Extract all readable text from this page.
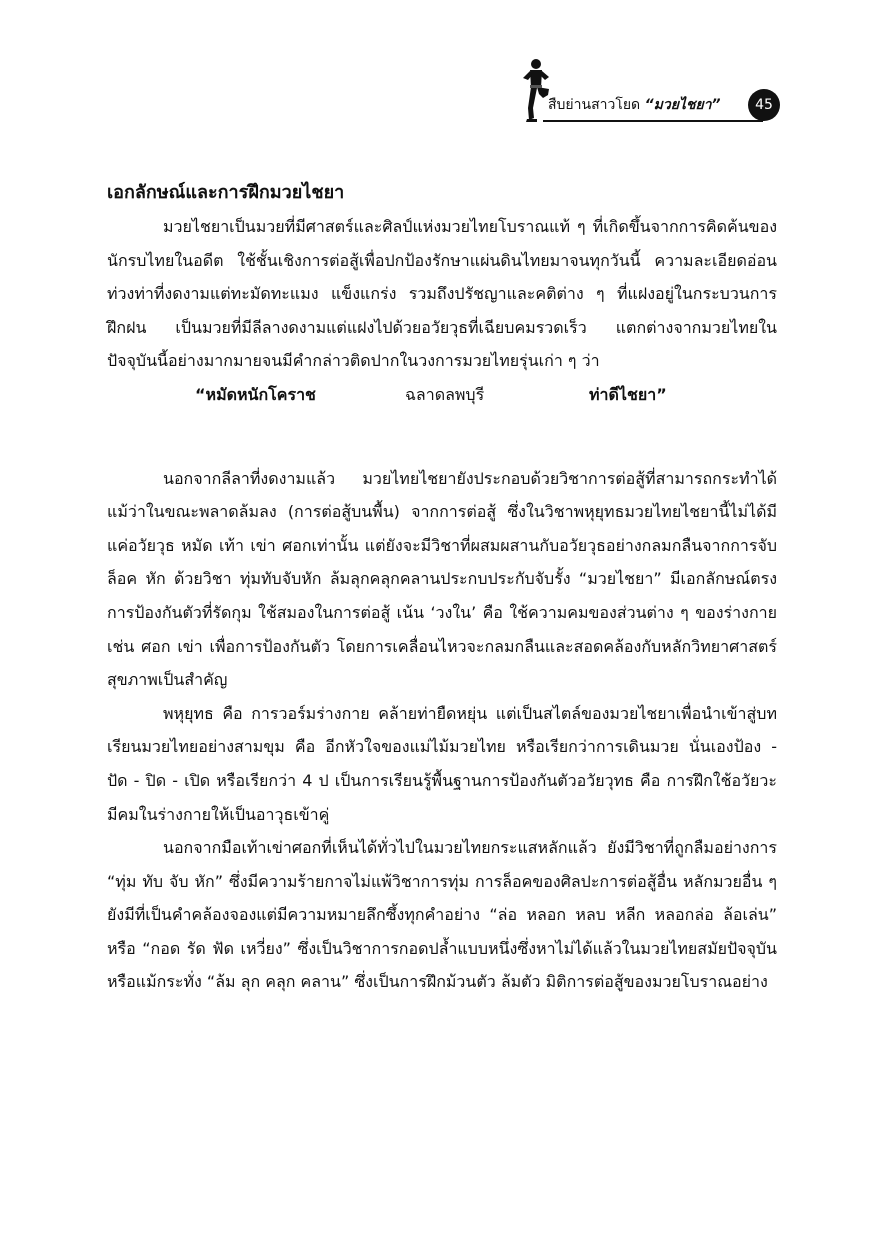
สืบย่านสาวโยด “มวยไชยา”	45

เอกลักษณ์และการฝึกมวยไชยา

มวยไชยาเป็นมวยที่มีศาสตร์และศิลป์แห่งมวยไทยโบราณแท้ ๆ ที่เกิดขึ้นจากการคิดค้นของนักรบไทยในอดีต ใช้ชั้นเชิงการต่อสู้เพื่อปกป้องรักษาแผ่นดินไทยมาจนทุกวันนี้ ความละเอียดอ่อน ท่วงท่าที่งดงามแต่ทะมัดทะแมง แข็งแกร่ง รวมถึงปรัชญาและคติต่าง ๆ ที่แฝงอยู่ในกระบวนการฝึกฝน เป็นมวยที่มีลีลางดงามแต่แฝงไปด้วยอวัยวุธที่เฉียบคมรวดเร็ว แตกต่างจากมวยไทยในปัจจุบันนี้อย่างมากมายจนมีคำกล่าวติดปากในวงการมวยไทยรุ่นเก่า ๆ ว่า

“หมัดหนักโคราช	ฉลาดลพบุรี	ท่าดีไชยา”

นอกจากลีลาที่งดงามแล้ว มวยไทยไชยายังประกอบด้วยวิชาการต่อสู้ที่สามารถกระทำได้แม้ว่าในขณะพลาดล้มลง (การต่อสู้บนพื้น) จากการต่อสู้ ซึ่งในวิชาพหุยุทธมวยไทยไชยานี้ไม่ได้มีแค่อวัยวุธ หมัด เท้า เข่า ศอกเท่านั้น แต่ยังจะมีวิชาที่ผสมผสานกับอวัยวุธอย่างกลมกลืนจากการจับ ล็อค หัก ด้วยวิชา ทุ่มทับจับหัก ล้มลุกคลุกคลานประกบประกับจับรั้ง “มวยไชยา” มีเอกลักษณ์ตรงการป้องกันตัวที่รัดกุม ใช้สมองในการต่อสู้ เน้น ‘วงใน’ คือ ใช้ความคมของส่วนต่าง ๆ ของร่างกาย เช่น ศอก เข่า เพื่อการป้องกันตัว โดยการเคลื่อนไหวจะกลมกลืนและสอดคล้องกับหลักวิทยาศาสตร์สุขภาพเป็นสำคัญ

พหุยุทธ คือ การวอร์มร่างกาย คล้ายท่ายืดหยุ่น แต่เป็นสไตล์ของมวยไชยาเพื่อนำเข้าสู่บทเรียนมวยไทยอย่างสามขุม คือ อีกหัวใจของแม่ไม้มวยไทย หรือเรียกว่าการเดินมวย นั่นเองป้อง - ปัด - ปิด - เปิด หรือเรียกว่า 4 ป เป็นการเรียนรู้พื้นฐานการป้องกันตัวอวัยวุทธ คือ การฝึกใช้อวัยวะมีคมในร่างกายให้เป็นอาวุธเข้าคู่

นอกจากมือเท้าเข่าศอกที่เห็นได้ทั่วไปในมวยไทยกระแสหลักแล้ว ยังมีวิชาที่ถูกลืมอย่างการ “ทุ่ม ทับ จับ หัก” ซึ่งมีความร้ายกาจไม่แพ้วิชาการทุ่ม การล็อคของศิลปะการต่อสู้อื่น หลักมวยอื่น ๆ ยังมีที่เป็นคำคล้องจองแต่มีความหมายลึกซึ้งทุกคำอย่าง “ล่อ หลอก หลบ หลีก หลอกล่อ ล้อเล่น” หรือ “กอด รัด ฟัด เหวี่ยง” ซึ่งเป็นวิชาการกอดปล้ำแบบหนึ่งซึ่งหาไม่ได้แล้วในมวยไทยสมัยปัจจุบัน หรือแม้กระทั่ง “ล้ม ลุก คลุก คลาน” ซึ่งเป็นการฝึกม้วนตัว ล้มตัว มิติการต่อสู้ของมวยโบราณอย่าง
